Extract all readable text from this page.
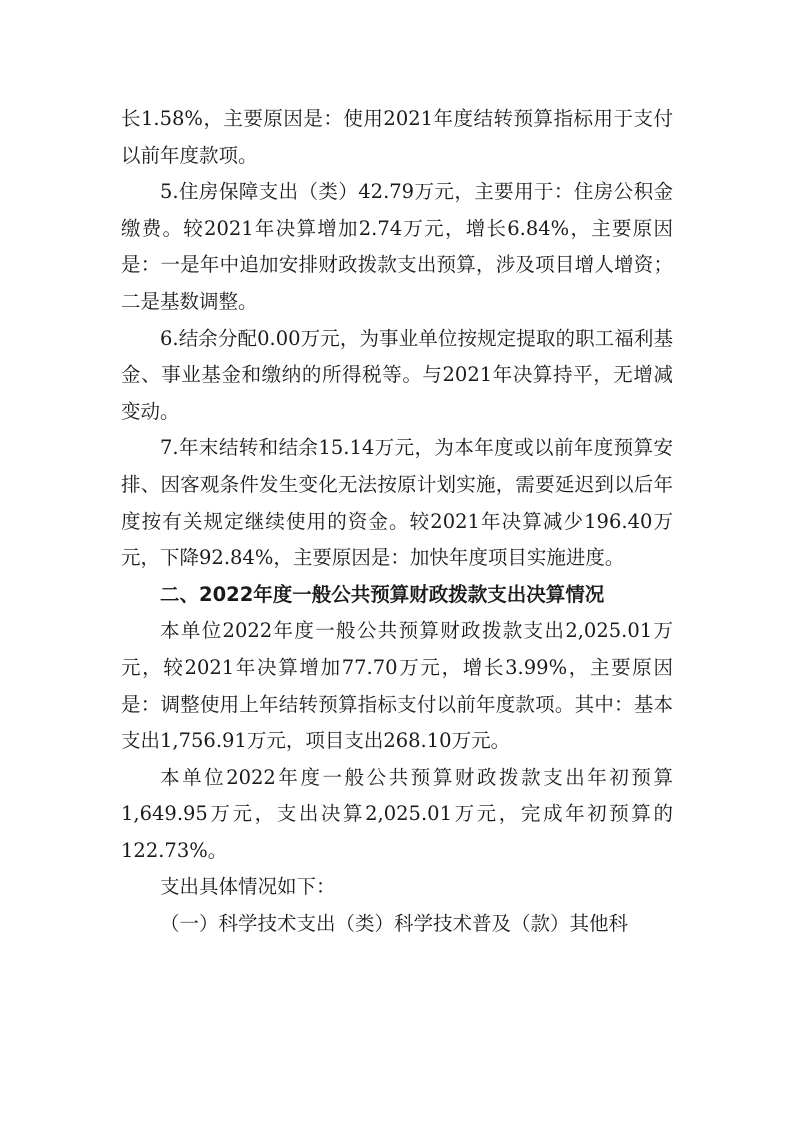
长1.58%，主要原因是：使用2021年度结转预算指标用于支付以前年度款项。

5.住房保障支出（类）42.79万元，主要用于：住房公积金缴费。较2021年决算增加2.74万元，增长6.84%，主要原因是：一是年中追加安排财政拨款支出预算，涉及项目增人增资；二是基数调整。

6.结余分配0.00万元，为事业单位按规定提取的职工福利基金、事业基金和缴纳的所得税等。与2021年决算持平，无增减变动。

7.年末结转和结余15.14万元，为本年度或以前年度预算安排、因客观条件发生变化无法按原计划实施，需要延迟到以后年度按有关规定继续使用的资金。较2021年决算减少196.40万元，下降92.84%，主要原因是：加快年度项目实施进度。

二、2022年度一般公共预算财政拨款支出决算情况

本单位2022年度一般公共预算财政拨款支出2,025.01万元，较2021年决算增加77.70万元，增长3.99%，主要原因是：调整使用上年结转预算指标支付以前年度款项。其中：基本支出1,756.91万元，项目支出268.10万元。

本单位2022年度一般公共预算财政拨款支出年初预算1,649.95万元，支出决算2,025.01万元，完成年初预算的122.73%。

支出具体情况如下：

（一）科学技术支出（类）科学技术普及（款）其他科
